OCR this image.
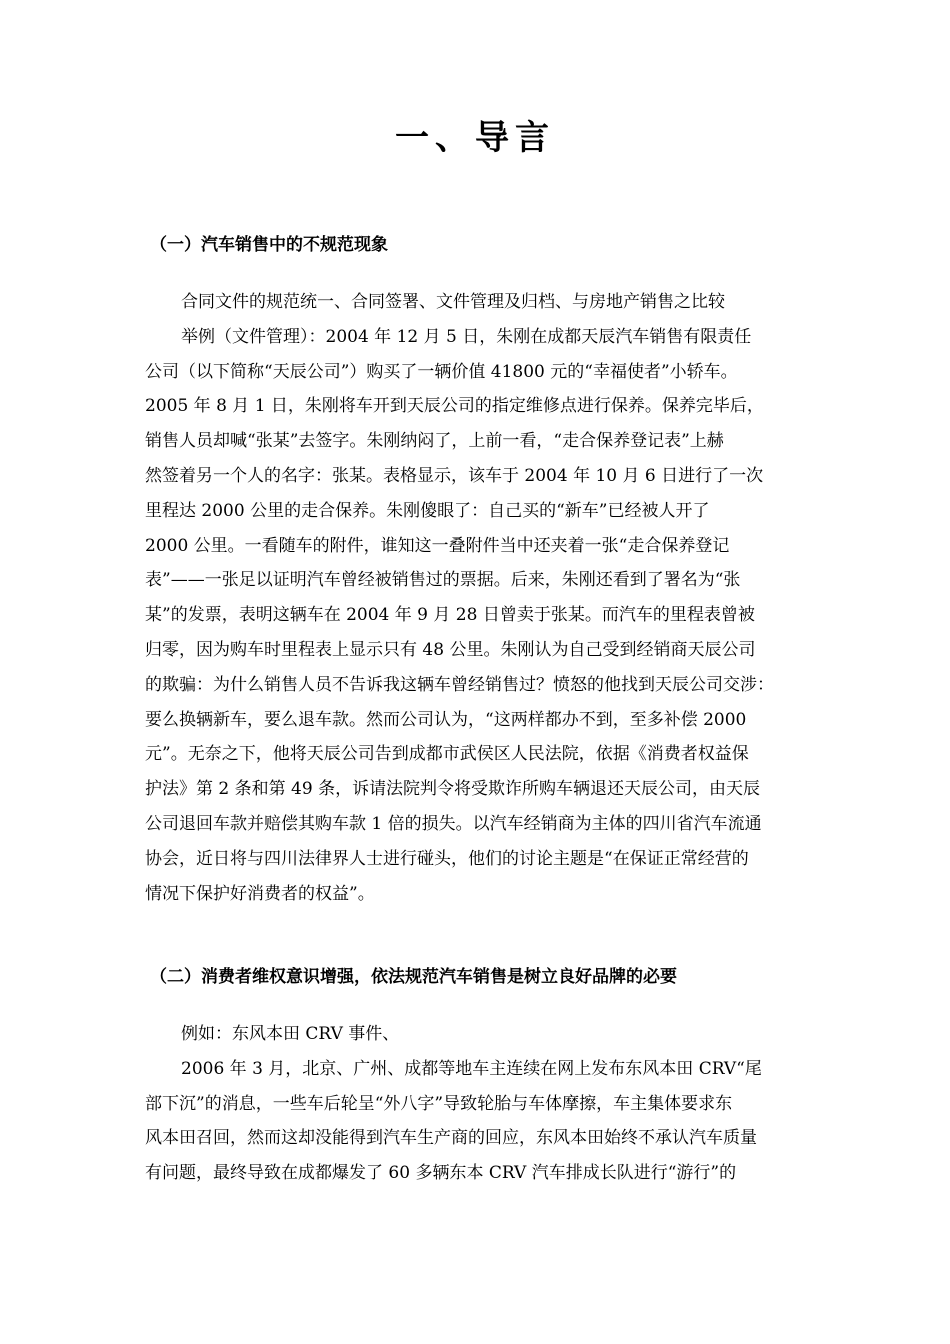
一、导言
（一）汽车销售中的不规范现象
合同文件的规范统一、合同签署、文件管理及归档、与房地产销售之比较
举例（文件管理）：2004 年 12 月 5 日，朱刚在成都天辰汽车销售有限责任
公司（以下简称“天辰公司”）购买了一辆价值 41800 元的“幸福使者”小轿车。
2005 年 8 月 1 日，朱刚将车开到天辰公司的指定维修点进行保养。保养完毕后，
销售人员却喊“张某”去签字。朱刚纳闷了，上前一看，“走合保养登记表”上赫
然签着另一个人的名字：张某。表格显示，该车于 2004 年 10 月 6 日进行了一次
里程达 2000 公里的走合保养。朱刚傻眼了：自己买的“新车”已经被人开了
2000 公里。一看随车的附件，谁知这一叠附件当中还夹着一张“走合保养登记
表”——一张足以证明汽车曾经被销售过的票据。后来，朱刚还看到了署名为“张
某”的发票，表明这辆车在 2004 年 9 月 28 日曾卖于张某。而汽车的里程表曾被
归零，因为购车时里程表上显示只有 48 公里。朱刚认为自己受到经销商天辰公司
的欺骗：为什么销售人员不告诉我这辆车曾经销售过？愤怒的他找到天辰公司交涉：
要么换辆新车，要么退车款。然而公司认为，“这两样都办不到，至多补偿 2000
元”。无奈之下，他将天辰公司告到成都市武侯区人民法院，依据《消费者权益保
护法》第 2 条和第 49 条，诉请法院判令将受欺诈所购车辆退还天辰公司，由天辰
公司退回车款并赔偿其购车款 1 倍的损失。以汽车经销商为主体的四川省汽车流通
协会，近日将与四川法律界人士进行碰头，他们的讨论主题是“在保证正常经营的
情况下保护好消费者的权益”。
（二）消费者维权意识增强，依法规范汽车销售是树立良好品牌的必要
例如：东风本田 CRV 事件、
2006 年 3 月，北京、广州、成都等地车主连续在网上发布东风本田 CRV“尾
部下沉”的消息，一些车后轮呈“外八字”导致轮胎与车体摩擦，车主集体要求东
风本田召回，然而这却没能得到汽车生产商的回应，东风本田始终不承认汽车质量
有问题，最终导致在成都爆发了 60 多辆东本 CRV 汽车排成长队进行“游行”的
